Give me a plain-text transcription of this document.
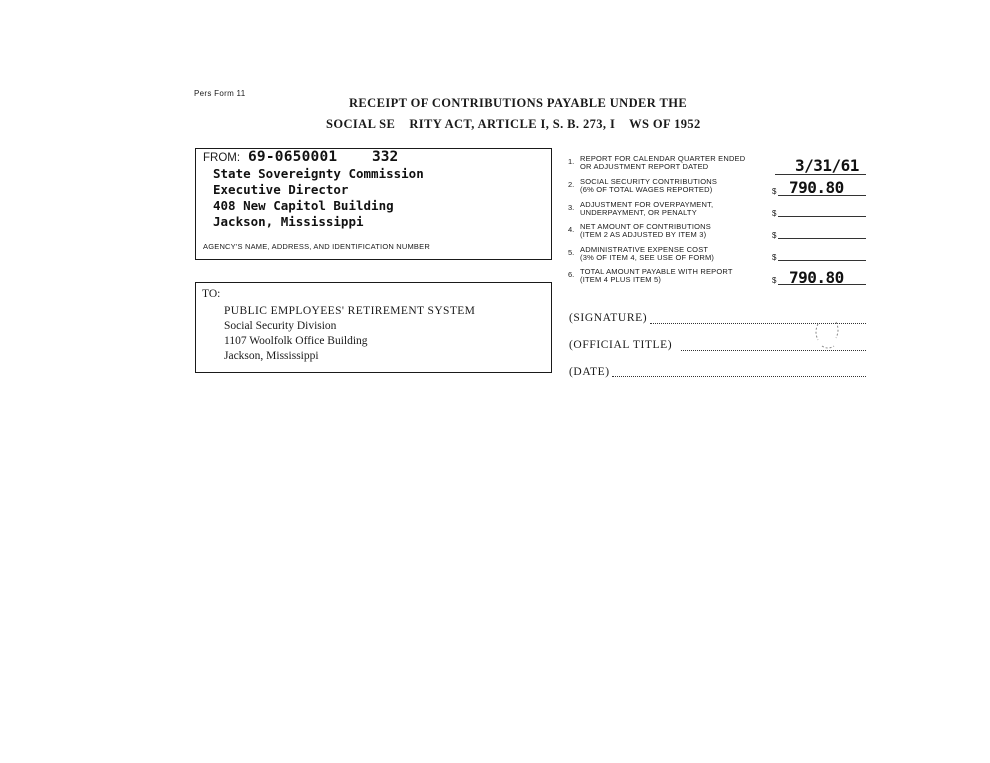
Pers Form 11
RECEIPT OF CONTRIBUTIONS PAYABLE UNDER THE
SOCIAL SE    RITY ACT, ARTICLE I, S. B. 273, I    WS OF 1952
FROM: 69-0650001 332
State Sovereignty Commission
Executive Director
408 New Capitol Building
Jackson, Mississippi
AGENCY'S NAME, ADDRESS, AND IDENTIFICATION NUMBER
TO:
PUBLIC EMPLOYEES' RETIREMENT SYSTEM
Social Security Division
1107 Woolfolk Office Building
Jackson, Mississippi
1. REPORT FOR CALENDAR QUARTER ENDED
OR ADJUSTMENT REPORT DATED	3/31/61
2. SOCIAL SECURITY CONTRIBUTIONS
(6% OF TOTAL WAGES REPORTED)	$ 790.80
3. ADJUSTMENT FOR OVERPAYMENT,
UNDERPAYMENT, OR PENALTY	$
4. NET AMOUNT OF CONTRIBUTIONS
(ITEM 2 AS ADJUSTED BY ITEM 3)	$
5. ADMINISTRATIVE EXPENSE COST
(3% OF ITEM 4, SEE USE OF FORM)	$
6. TOTAL AMOUNT PAYABLE WITH REPORT
(ITEM 4 PLUS ITEM 5)	$ 790.80
(SIGNATURE)
(OFFICIAL TITLE)
(DATE)
